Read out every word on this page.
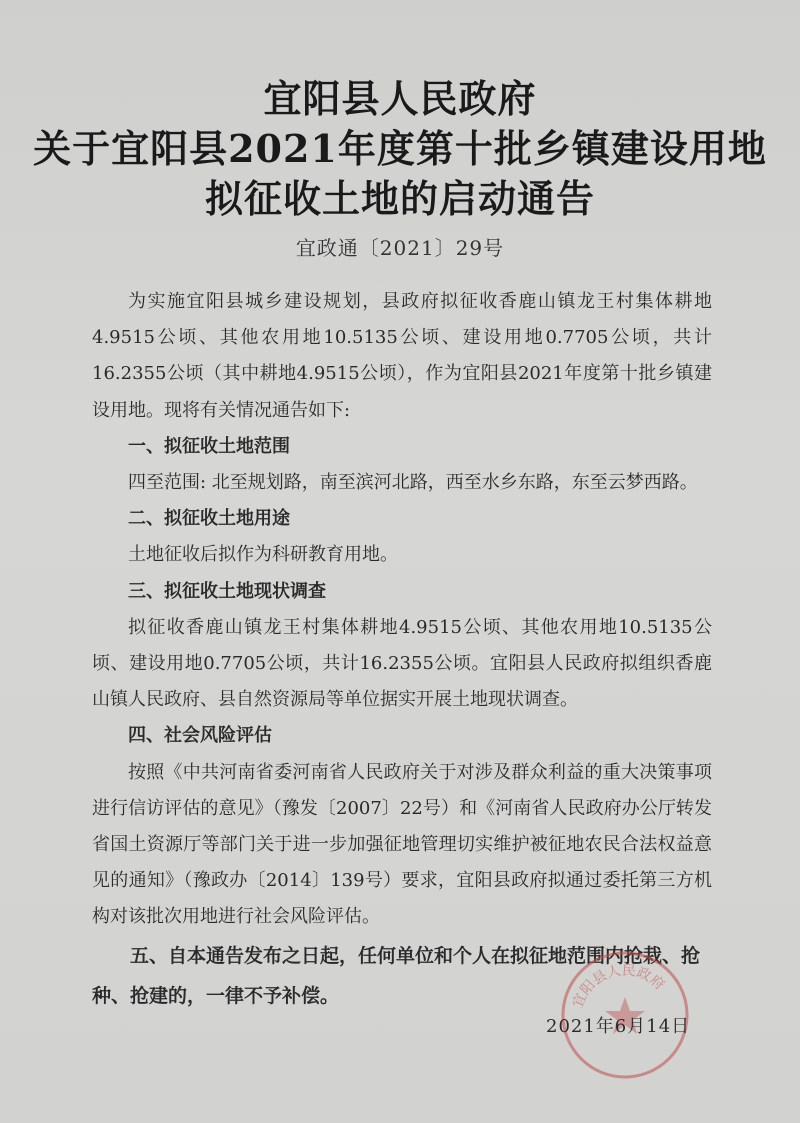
宜阳县人民政府
关于宜阳县2021年度第十批乡镇建设用地
拟征收土地的启动通告
宜政通〔2021〕29号

为实施宜阳县城乡建设规划，县政府拟征收香鹿山镇龙王村集体耕地4.9515公顷、其他农用地10.5135公顷、建设用地0.7705公顷，共计16.2355公顷（其中耕地4.9515公顷），作为宜阳县2021年度第十批乡镇建设用地。现将有关情况通告如下:

一、拟征收土地范围

四至范围: 北至规划路，南至滨河北路，西至水乡东路，东至云梦西路。

二、拟征收土地用途

土地征收后拟作为科研教育用地。

三、拟征收土地现状调查

拟征收香鹿山镇龙王村集体耕地4.9515公顷、其他农用地10.5135公顷、建设用地0.7705公顷，共计16.2355公顷。宜阳县人民政府拟组织香鹿山镇人民政府、县自然资源局等单位据实开展土地现状调查。

四、社会风险评估

按照《中共河南省委河南省人民政府关于对涉及群众利益的重大决策事项进行信访评估的意见》（豫发〔2007〕22号）和《河南省人民政府办公厅转发省国土资源厅等部门关于进一步加强征地管理切实维护被征地农民合法权益意见的通知》（豫政办〔2014〕139号）要求，宜阳县政府拟通过委托第三方机构对该批次用地进行社会风险评估。

五、自本通告发布之日起，任何单位和个人在拟征地范围内抢栽、抢种、抢建的，一律不予补偿。	宜阳县人民政府
2021年6月14日
